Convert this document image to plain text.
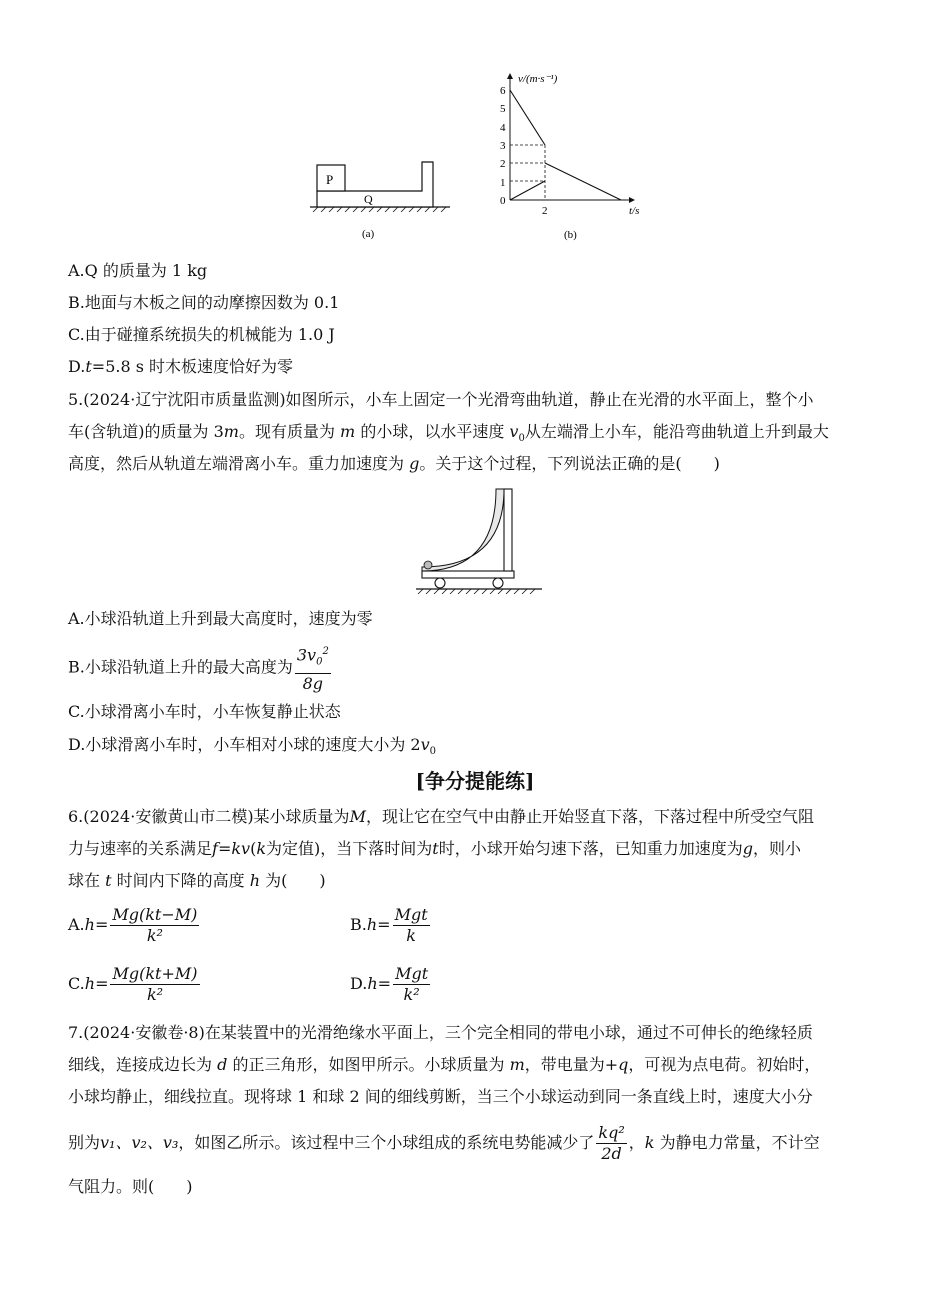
P
Q
(a)
v/(m·s⁻¹)
t/s
6
5
4
3
2
1
0
2
(b)
A.Q 的质量为 1 kg
B.地面与木板之间的动摩擦因数为 0.1
C.由于碰撞系统损失的机械能为 1.0 J
D.t=5.8 s 时木板速度恰好为零
5.(2024·辽宁沈阳市质量监测)如图所示，小车上固定一个光滑弯曲轨道，静止在光滑的水平面上，整个小
车(含轨道)的质量为 3m。现有质量为 m 的小球，以水平速度 $v_0$从左端滑上小车，能沿弯曲轨道上升到最大
高度，然后从轨道左端滑离小车。重力加速度为 g。关于这个过程，下列说法正确的是(　　)
A.小球沿轨道上升到最大高度时，速度为零
B.小球沿轨道上升的最大高度为 $\frac{3v_0^2}{8g}$
C.小球滑离小车时，小车恢复静止状态
D.小球滑离小车时，小车相对小球的速度大小为 $2v_0$
[争分提能练]
6.(2024·安徽黄山市二模)某小球质量为M，现让它在空气中由静止开始竖直下落，下落过程中所受空气阻
力与速率的关系满足f=kv(k为定值)，当下落时间为t时，小球开始匀速下落，已知重力加速度为g，则小
球在 t 时间内下降的高度 h 为(　　)
$A.h= \frac{Mg(kt-M)}{\text{k²}}$	$B.h= \frac{\text{Mgt}}{k}$
$C.h= \frac{Mg(kt+M)}{\text{k²}}$	$D.h= \frac{\text{Mgt}}{\text{k²}}$
7.(2024·安徽卷·8)在某装置中的光滑绝缘水平面上，三个完全相同的带电小球，通过不可伸长的绝缘轻质
细线，连接成边长为 d 的正三角形，如图甲所示。小球质量为 m，带电量为+q，可视为点电荷。初始时，
小球均静止，细线拉直。现将球 1 和球 2 间的细线剪断，当三个小球运动到同一条直线上时，速度大小分
别为v₁、v₂、v₃，如图乙所示。该过程中三个小球组成的系统电势能减少了 $\frac{\text{kq²}}{2d}$ ，k 为静电力常量，不计空
气阻力。则(　　)
